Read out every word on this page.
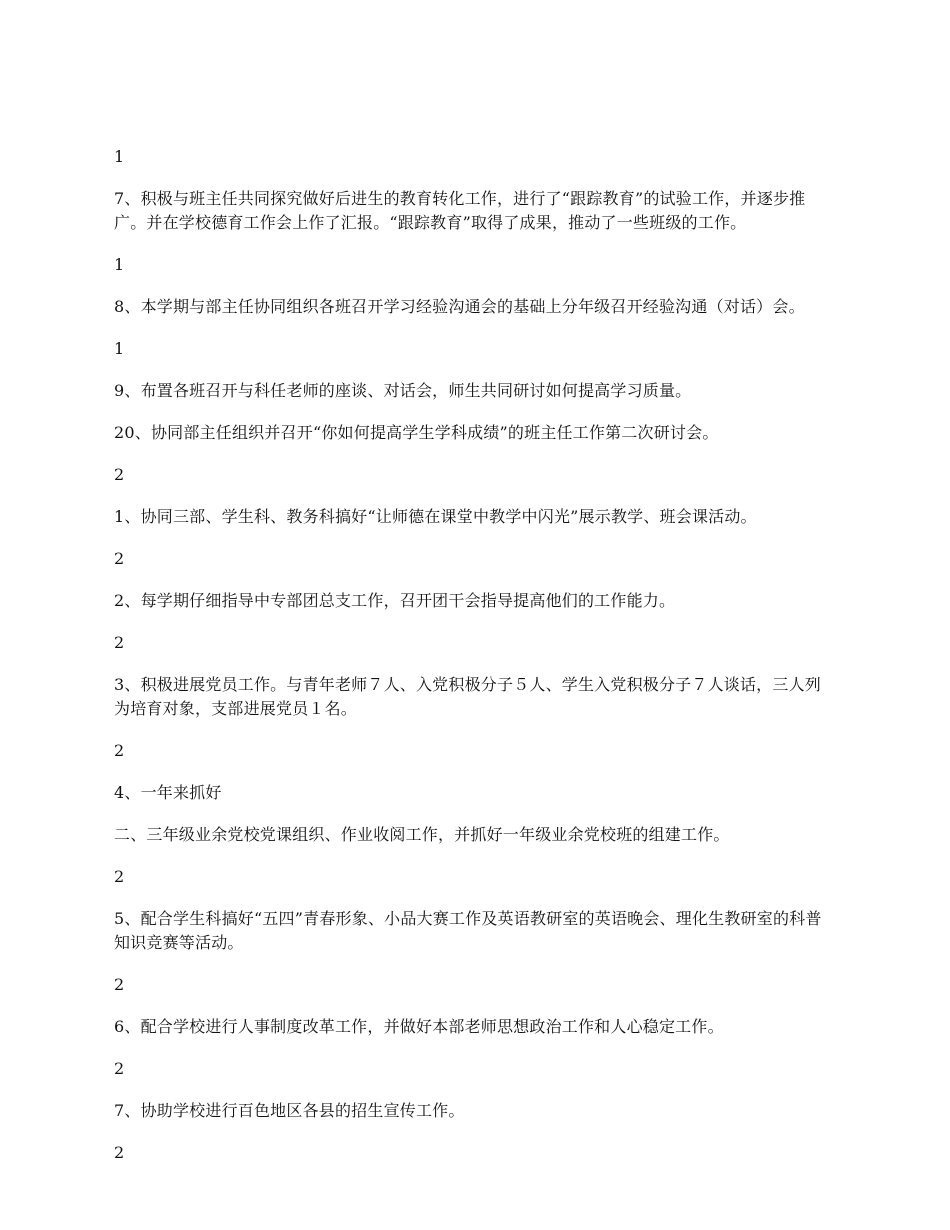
1

7、积极与班主任共同探究做好后进生的教育转化工作，进行了“跟踪教育”的试验工作，并逐步推广。并在学校德育工作会上作了汇报。“跟踪教育”取得了成果，推动了一些班级的工作。

1

8、本学期与部主任协同组织各班召开学习经验沟通会的基础上分年级召开经验沟通（对话）会。

1

9、布置各班召开与科任老师的座谈、对话会，师生共同研讨如何提高学习质量。

20、协同部主任组织并召开“你如何提高学生学科成绩”的班主任工作第二次研讨会。

2

1、协同三部、学生科、教务科搞好“让师德在课堂中教学中闪光”展示教学、班会课活动。

2

2、每学期仔细指导中专部团总支工作，召开团干会指导提高他们的工作能力。

2

3、积极进展党员工作。与青年老师７人、入党积极分子５人、学生入党积极分子７人谈话，三人列为培育对象，支部进展党员１名。

2

4、一年来抓好

二、三年级业余党校党课组织、作业收阅工作，并抓好一年级业余党校班的组建工作。

2

5、配合学生科搞好“五四”青春形象、小品大赛工作及英语教研室的英语晚会、理化生教研室的科普知识竞赛等活动。

2

6、配合学校进行人事制度改革工作，并做好本部老师思想政治工作和人心稳定工作。

2

7、协助学校进行百色地区各县的招生宣传工作。

2
